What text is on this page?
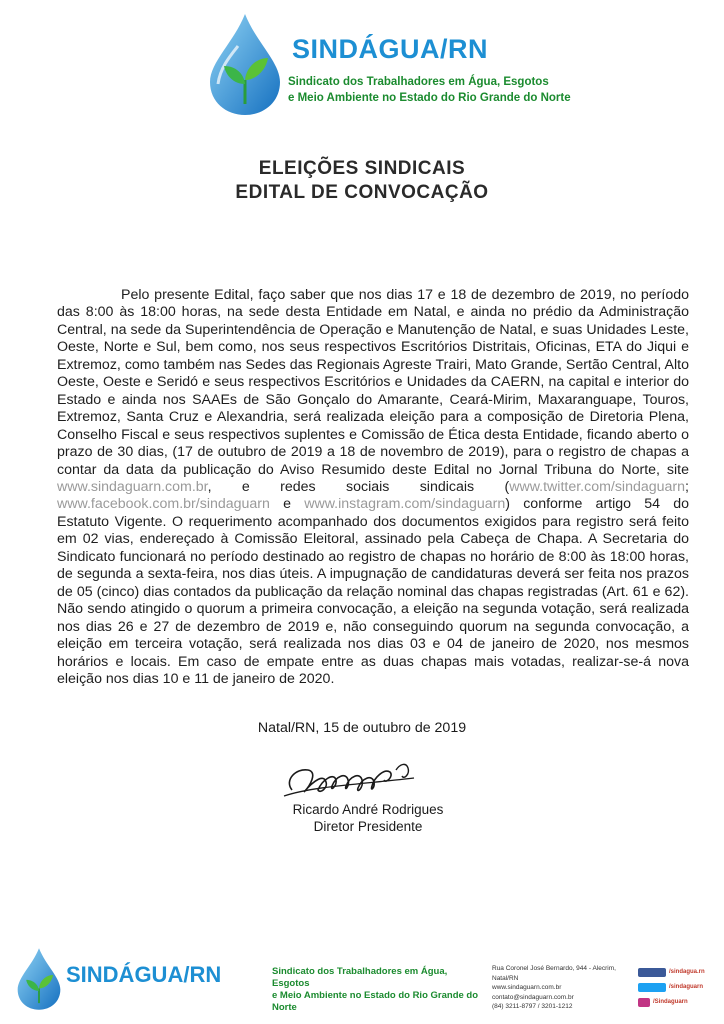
SINDÁGUA/RN
Sindicato dos Trabalhadores em Água, Esgotos
e Meio Ambiente no Estado do Rio Grande do Norte
ELEIÇÕES SINDICAIS
EDITAL DE CONVOCAÇÃO

Pelo presente Edital, faço saber que nos dias 17 e 18 de dezembro de 2019, no período das 8:00 às 18:00 horas, na sede desta Entidade em Natal, e ainda no prédio da Administração Central, na sede da Superintendência de Operação e Manutenção de Natal, e suas Unidades Leste, Oeste, Norte e Sul, bem como, nos seus respectivos Escritórios Distritais, Oficinas, ETA do Jiqui e Extremoz, como também nas Sedes das Regionais Agreste Trairi, Mato Grande, Sertão Central, Alto Oeste, Oeste e Seridó e seus respectivos Escritórios e Unidades da CAERN, na capital e interior do Estado e ainda nos SAAEs de São Gonçalo do Amarante, Ceará-Mirim, Maxaranguape, Touros, Extremoz, Santa Cruz e Alexandria, será realizada eleição para a composição de Diretoria Plena, Conselho Fiscal e seus respectivos suplentes e Comissão de Ética desta Entidade, ficando aberto o prazo de 30 dias, (17 de outubro de 2019 a 18 de novembro de 2019), para o registro de chapas a contar da data da publicação do Aviso Resumido deste Edital no Jornal Tribuna do Norte, site www.sindaguarn.com.br, e redes sociais sindicais (www.twitter.com/sindaguarn; www.facebook.com.br/sindaguarn e www.instagram.com/sindaguarn) conforme artigo 54 do Estatuto Vigente. O requerimento acompanhado dos documentos exigidos para registro será feito em 02 vias, endereçado à Comissão Eleitoral, assinado pela Cabeça de Chapa. A Secretaria do Sindicato funcionará no período destinado ao registro de chapas no horário de 8:00 às 18:00 horas, de segunda a sexta-feira, nos dias úteis. A impugnação de candidaturas deverá ser feita nos prazos de 05 (cinco) dias contados da publicação da relação nominal das chapas registradas (Art. 61 e 62). Não sendo atingido o quorum a primeira convocação, a eleição na segunda votação, será realizada nos dias 26 e 27 de dezembro de 2019 e, não conseguindo quorum na segunda convocação, a eleição em terceira votação, será realizada nos dias 03 e 04 de janeiro de 2020, nos mesmos horários e locais. Em caso de empate entre as duas chapas mais votadas, realizar-se-á nova eleição nos dias 10 e 11 de janeiro de 2020.

Natal/RN, 15 de outubro de 2019
Ricardo André Rodrigues
Diretor Presidente
SINDÁGUA/RN	Sindicato dos Trabalhadores em Água, Esgotos
e Meio Ambiente no Estado do Rio Grande do Norte
Rua Coronel José Bernardo, 944 - Alecrim, Natal/RN
www.sindaguarn.com.br
contato@sindaguarn.com.br
(84) 3211-8797 / 3201-1212
/sindagua.rn
/sindaguarn
/Sindaguarn
